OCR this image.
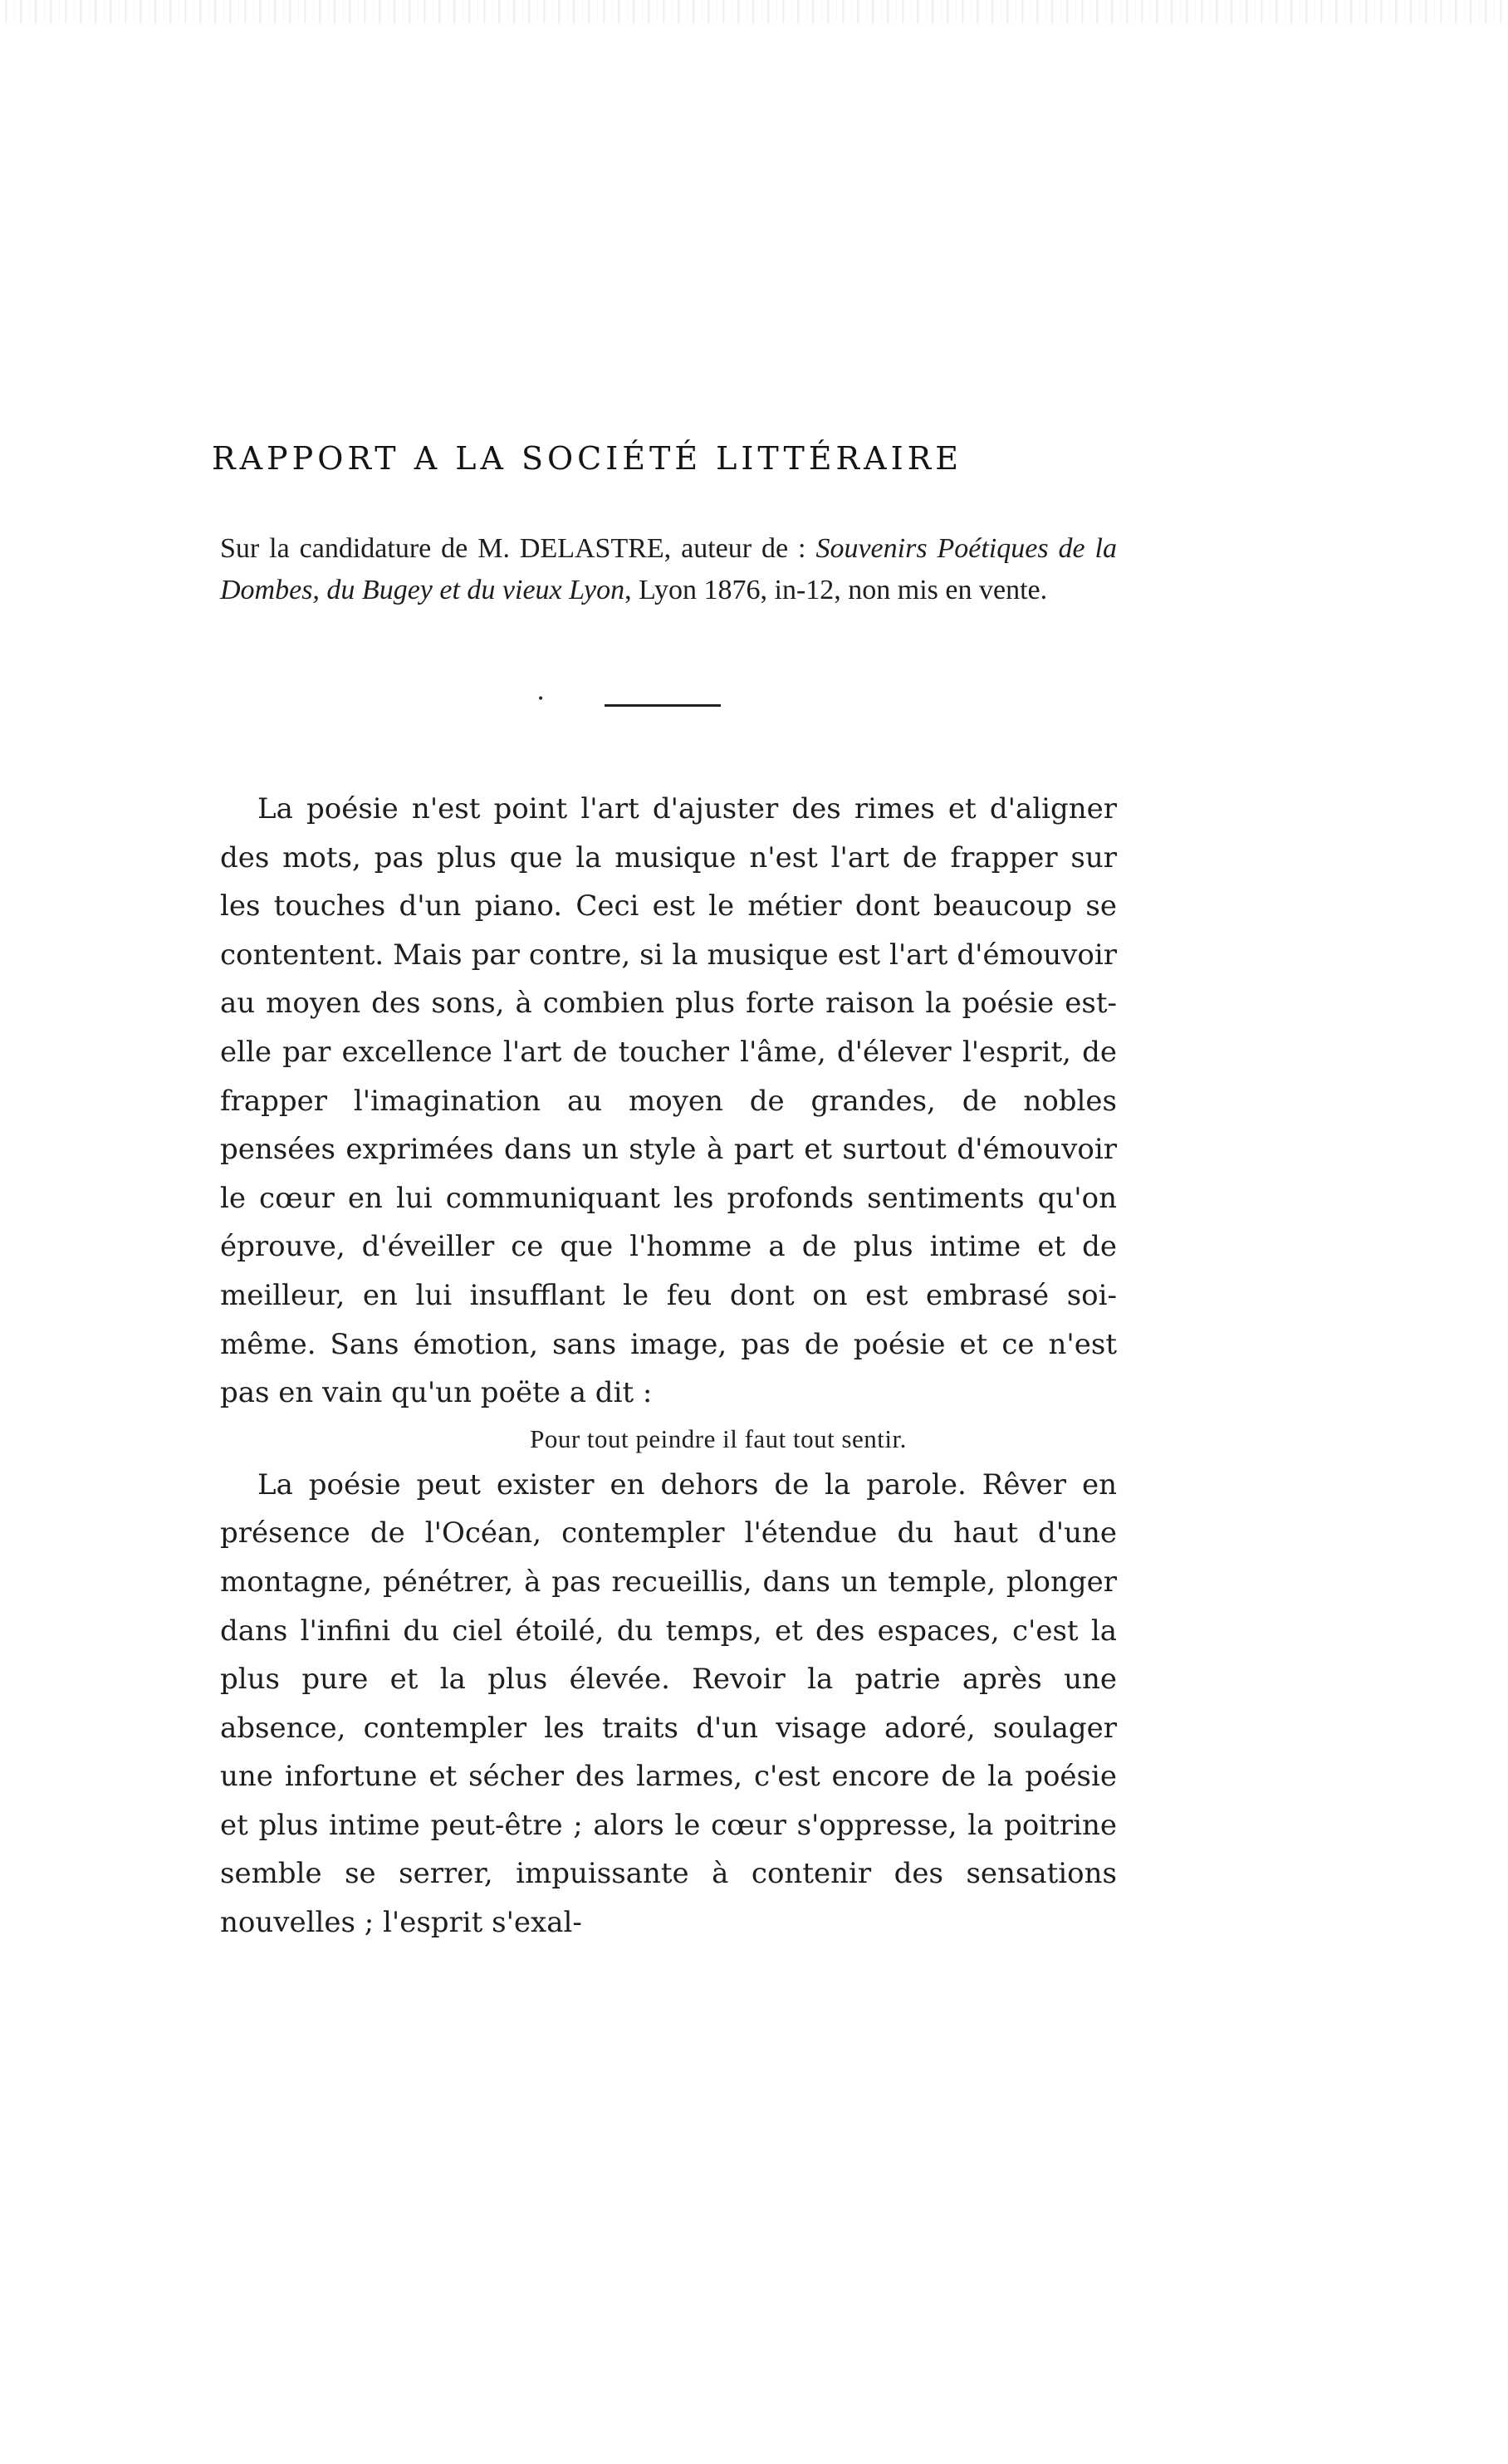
RAPPORT A LA SOCIÉTÉ LITTÉRAIRE
Sur la candidature de M. DELASTRE, auteur de : Souvenirs Poétiques de la Dombes, du Bugey et du vieux Lyon, Lyon 1876, in-12, non mis en vente.
•

La poésie n'est point l'art d'ajuster des rimes et d'aligner des mots, pas plus que la musique n'est l'art de frapper sur les touches d'un piano. Ceci est le métier dont beaucoup se contentent. Mais par contre, si la musique est l'art d'émouvoir au moyen des sons, à combien plus forte raison la poésie est-elle par excellence l'art de toucher l'âme, d'élever l'esprit, de frapper l'imagination au moyen de grandes, de nobles pensées exprimées dans un style à part et surtout d'émouvoir le cœur en lui communiquant les profonds sentiments qu'on éprouve, d'éveiller ce que l'homme a de plus intime et de meilleur, en lui insufflant le feu dont on est embrasé soi-même. Sans émotion, sans image, pas de poésie et ce n'est pas en vain qu'un poëte a dit :

Pour tout peindre il faut tout sentir.

La poésie peut exister en dehors de la parole. Rêver en présence de l'Océan, contempler l'étendue du haut d'une montagne, pénétrer, à pas recueillis, dans un temple, plonger dans l'infini du ciel étoilé, du temps, et des espaces, c'est la plus pure et la plus élevée. Revoir la patrie après une absence, contempler les traits d'un visage adoré, soulager une infortune et sécher des larmes, c'est encore de la poésie et plus intime peut-être ; alors le cœur s'oppresse, la poitrine semble se serrer, impuissante à contenir des sensations nouvelles ; l'esprit s'exal-
